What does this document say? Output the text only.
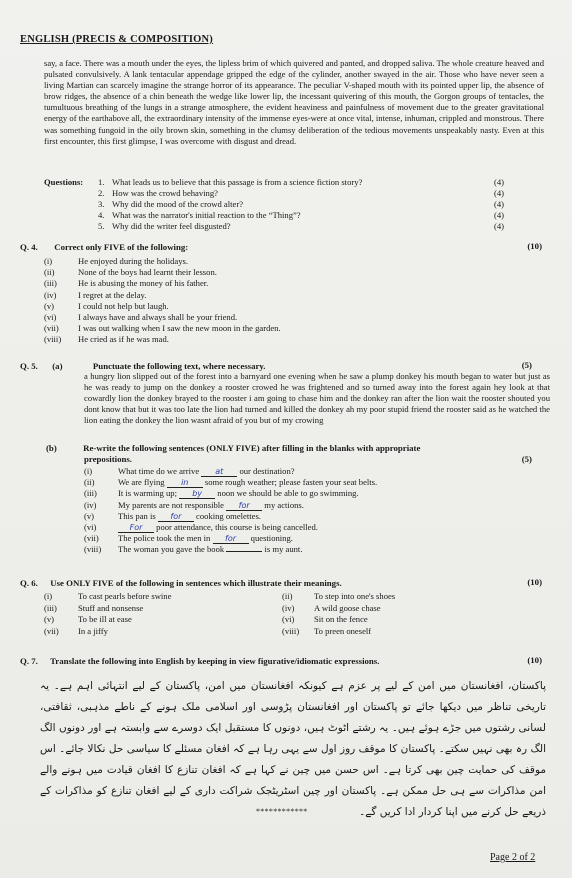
ENGLISH (PRECIS & COMPOSITION)
say, a face. There was a mouth under the eyes, the lipless brim of which quivered and panted, and dropped saliva. The whole creature heaved and pulsated convulsively. A lank tentacular appendage gripped the edge of the cylinder, another swayed in the air. Those who have never seen a living Martian can scarcely imagine the strange horror of its appearance. The peculiar V-shaped mouth with its pointed upper lip, the absence of brow ridges, the absence of a chin beneath the wedge like lower lip, the incessant quivering of this mouth, the Gorgon groups of tentacles, the tumultuous breathing of the lungs in a strange atmosphere, the evident heaviness and painfulness of movement due to the greater gravitational energy of the earthabove all, the extraordinary intensity of the immense eyes-were at once vital, intense, inhuman, crippled and monstrous. There was something fungoid in the oily brown skin, something in the clumsy deliberation of the tedious movements unspeakably nasty. Even at this first encounter, this first glimpse, I was overcome with disgust and dread.
Questions: 1. What leads us to believe that this passage is from a science fiction story?	(4)
2. How was the crowd behaving?	(4)
3. Why did the mood of the crowd alter?	(4)
4. What was the narrator's initial reaction to the “Thing”?	(4)
5. Why did the writer feel disgusted?	(4)
Q. 4. Correct only FIVE of the following:	(10)
(i)	He enjoyed during the holidays.
(ii)	None of the boys had learnt their lesson.
(iii) He is abusing the money of his father.
(iv)	I regret at the delay.
(v)	I could not help but laugh.
(vi)	I always have and always shall be your friend.
(vii) I was out walking when I saw the new moon in the garden.
(viii) He cried as if he was mad.
Q. 5. (a)	Punctuate the following text, where necessary.	(5)
a hungry lion slipped out of the forest into a barnyard one evening when he saw a plump donkey his mouth began to water but just as he was ready to jump on the donkey a rooster crowed he was frightened and so turned away into the forest again hey look at that cowardly lion the donkey brayed to the rooster i am going to chase him and the donkey ran after the lion wait the rooster shouted you dont know that but it was too late the lion had turned and killed the donkey ah my poor stupid friend the rooster said as he watched the lion eating the donkey the lion wasnt afraid of you but of my crowing
(b)	Re-write the following sentences (ONLY FIVE) after filling in the blanks with appropriate
prepositions.	(5)
(i)	What time do we arrive at our destination?
(ii)	We are flying in some rough weather; please fasten your seat belts.
(iii) It is warming up; by noon we should be able to go swimming.
(iv)	My parents are not responsible for my actions.
(v)	This pan is for cooking omelettes.
(vi)	For poor attendance, this course is being cancelled.
(vii) The police took the men in for questioning.
(viii) The woman you gave the book	is my aunt.
Q. 6. Use ONLY FIVE of the following in sentences which illustrate their meanings.	(10)
(i)	To cast pearls before swine	(ii)	To step into one's shoes
(iii) Stuff and nonsense	(iv) A wild goose chase
(v)	To be ill at ease	(vi) Sit on the fence
(vii) In a jiffy	(viii) To preen oneself
Q. 7. Translate the following into English by keeping in view figurative/idiomatic expressions.	(10)
پاکستان، افغانستان میں امن کے لیے پر عزم ہے کیونکہ افغانستان میں امن، پاکستان کے لیے انتہائی اہم ہے۔ یہ تاریخی تناظر میں دیکھا جائے تو پاکستان اور افغانستان پڑوسی اور اسلامی ملک ہونے کے ناطے مذہبی، ثقافتی، لسانی رشتوں میں جڑے ہوئے ہیں۔ یہ رشتے اٹوٹ ہیں، دونوں کا مستقبل ایک دوسرے سے وابستہ ہے اور دونوں الگ الگ رہ بھی نہیں سکتے۔ پاکستان کا موقف روز اول سے یہی رہا ہے کہ افغان مسئلے کا سیاسی حل نکالا جائے۔ اس موقف کی حمایت چین بھی کرتا ہے۔ اس حسن میں چین نے کہا ہے کہ افغان تنازع کا افغان قیادت میں ہونے والے امن مذاکرات سے ہی حل ممکن ہے۔ پاکستان اور چین اسٹریٹجک شراکت داری کے لیے افغان تنازع کو مذاکرات کے ذریعے حل کرنے میں اپنا کردار ادا کریں گے۔
************
Page 2 of 2
